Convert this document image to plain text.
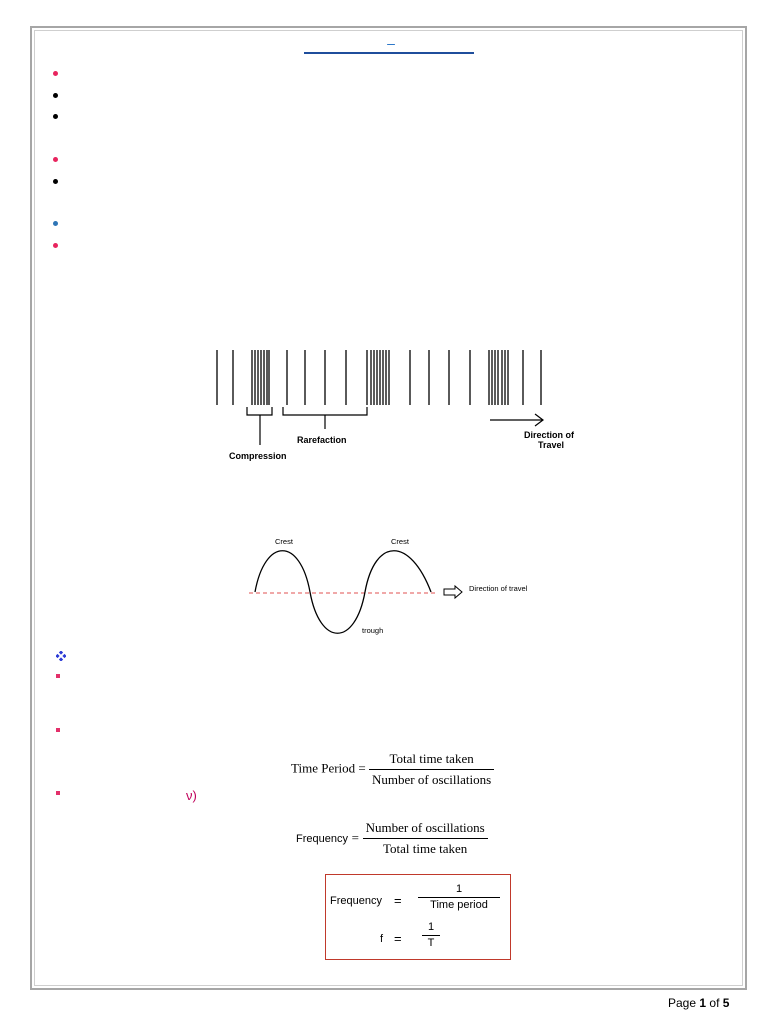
–
Compression
Rarefaction	Direction of
Travel
Crest	Crest
trough
Direction of travel
Time Period = $\frac{\text{Total time taken}}{\text{Number of oscillations}}$
ν)
Frequency = $\frac{\text{Number of oscillations}}{\text{Total time taken}}$
Frequency =
1
Time period
$f = \frac{1}{T}$
Page 1 of 5
